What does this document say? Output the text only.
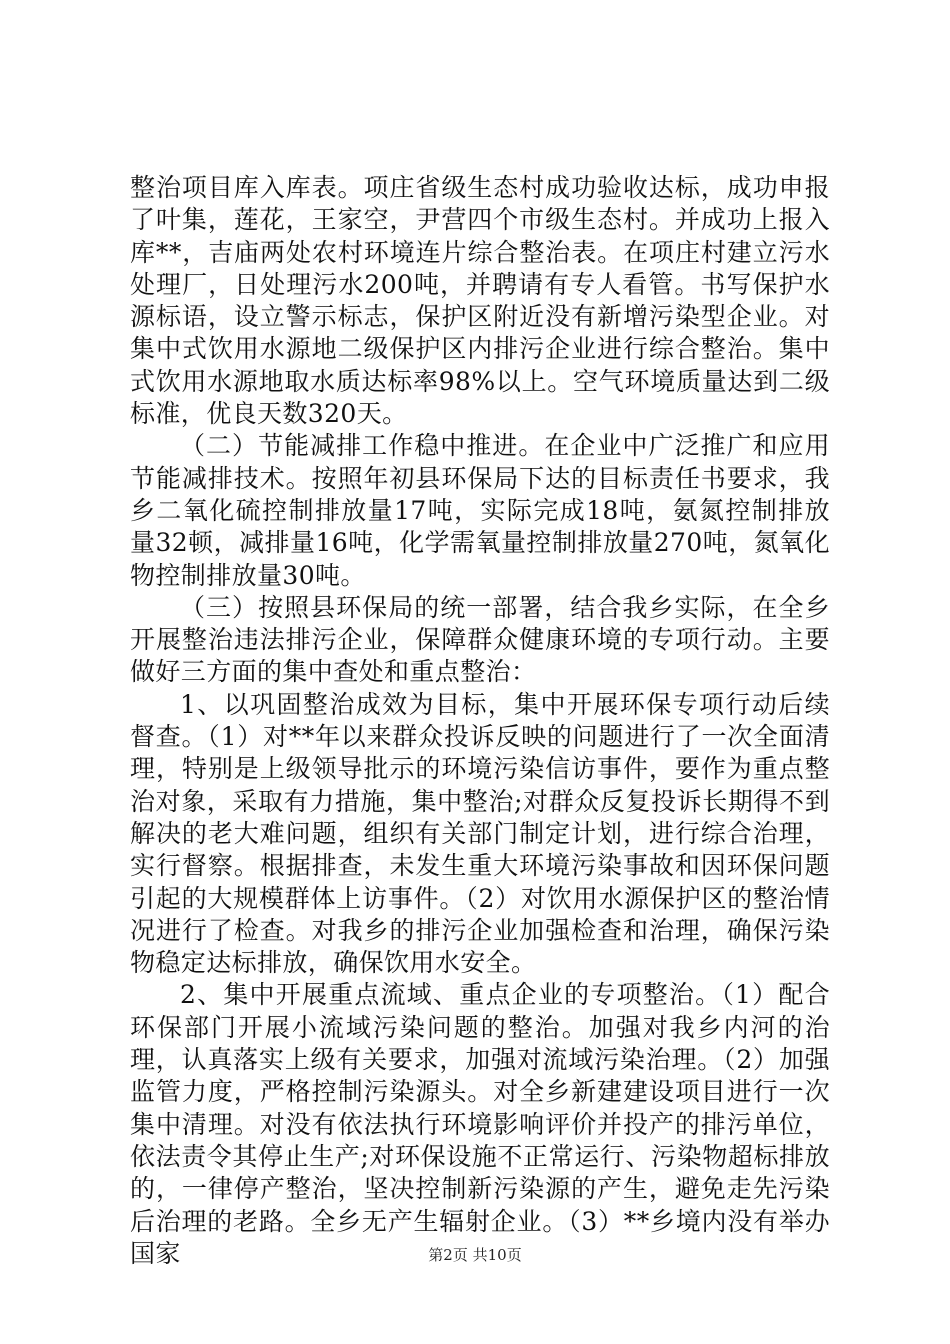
整治项目库入库表。项庄省级生态村成功验收达标，成功申报了叶集，莲花，王家空，尹营四个市级生态村。并成功上报入库**，吉庙两处农村环境连片综合整治表。在项庄村建立污水处理厂，日处理污水200吨，并聘请有专人看管。书写保护水源标语，设立警示标志，保护区附近没有新增污染型企业。对集中式饮用水源地二级保护区内排污企业进行综合整治。集中式饮用水源地取水质达标率98%以上。空气环境质量达到二级标准，优良天数320天。

（二）节能减排工作稳中推进。在企业中广泛推广和应用节能减排技术。按照年初县环保局下达的目标责任书要求，我乡二氧化硫控制排放量17吨，实际完成18吨，氨氮控制排放量32顿，减排量16吨，化学需氧量控制排放量270吨，氮氧化物控制排放量30吨。

（三）按照县环保局的统一部署，结合我乡实际，在全乡开展整治违法排污企业，保障群众健康环境的专项行动。主要做好三方面的集中查处和重点整治：

1、以巩固整治成效为目标，集中开展环保专项行动后续督查。（1）对**年以来群众投诉反映的问题进行了一次全面清理，特别是上级领导批示的环境污染信访事件，要作为重点整治对象，采取有力措施，集中整治;对群众反复投诉长期得不到解决的老大难问题，组织有关部门制定计划，进行综合治理，实行督察。根据排查，未发生重大环境污染事故和因环保问题引起的大规模群体上访事件。（2）对饮用水源保护区的整治情况进行了检查。对我乡的排污企业加强检查和治理，确保污染物稳定达标排放，确保饮用水安全。

2、集中开展重点流域、重点企业的专项整治。（1）配合环保部门开展小流域污染问题的整治。加强对我乡内河的治理，认真落实上级有关要求，加强对流域污染治理。（2）加强监管力度，严格控制污染源头。对全乡新建建设项目进行一次集中清理。对没有依法执行环境影响评价并投产的排污单位，依法责令其停止生产;对环保设施不正常运行、污染物超标排放的，一律停产整治，坚决控制新污染源的产生，避免走先污染后治理的老路。全乡无产生辐射企业。（3）**乡境内没有举办国家	第2页 共10页
